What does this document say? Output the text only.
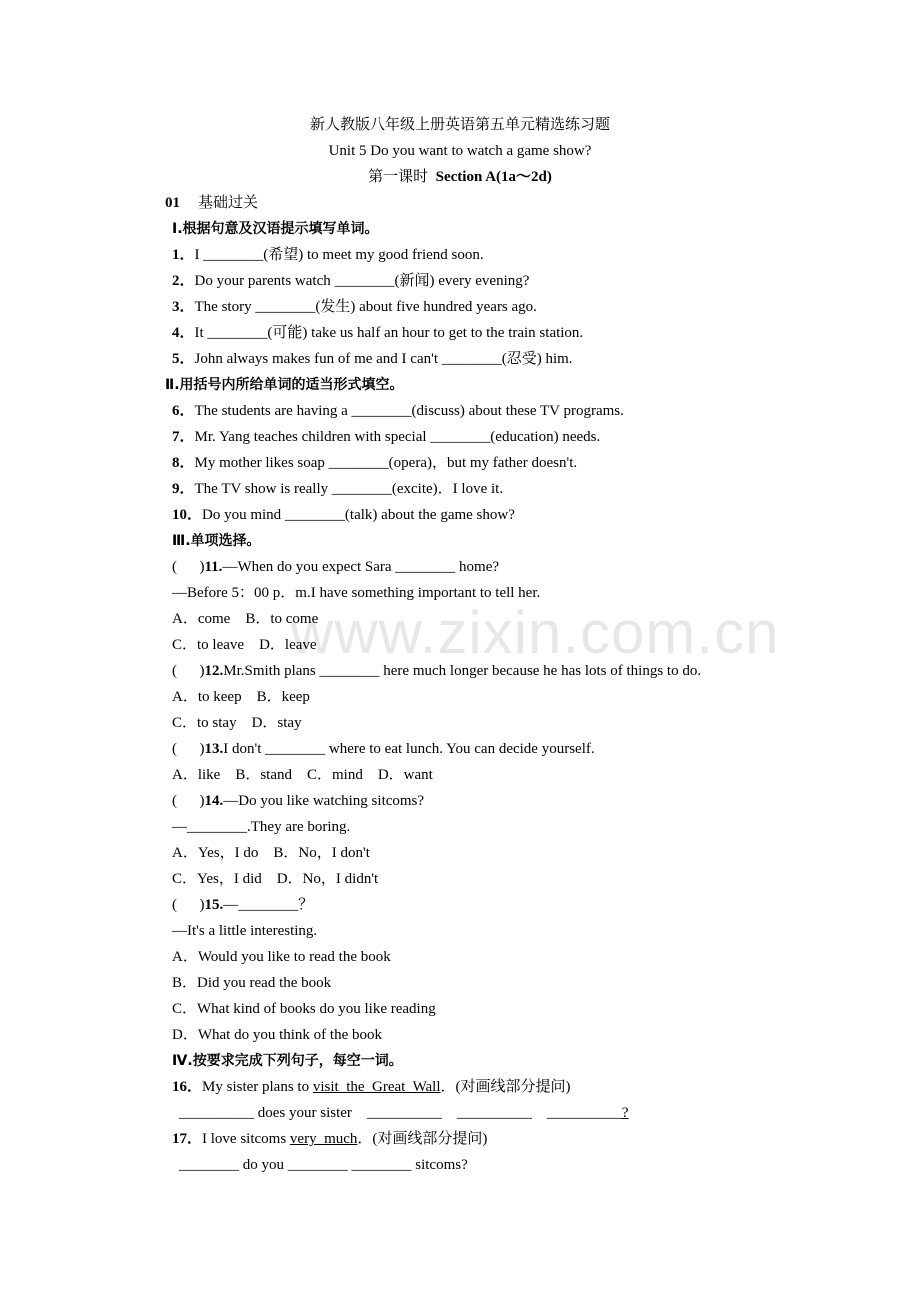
www.zixin.com.cn
新人教版八年级上册英语第五单元精选练习题
Unit 5 Do you want to watch a game show?
第一课时  Section A(1a～2d)
01 基础过关
Ⅰ.根据句意及汉语提示填写单词。
1．I ________(希望) to meet my good friend soon.
2．Do your parents watch ________(新闻) every evening?
3．The story ________(发生) about five hundred years ago.
4．It ________(可能) take us half an hour to get to the train station.
5．John always makes fun of me and I can't ________(忍受) him.
Ⅱ.用括号内所给单词的适当形式填空。
6．The students are having a ________(discuss) about these TV programs.
7．Mr. Yang teaches children with special ________(education) needs.
8．My mother likes soap ________(opera)，but my father doesn't.
9．The TV show is really ________(excite)．I love it.
10．Do you mind ________(talk) about the game show?
Ⅲ.单项选择。
(      )11.—When do you expect Sara ________ home?
—Before 5：00 p．m.I have something important to tell her.
A．come    B．to come
C．to leave    D．leave
(      )12.Mr.Smith plans ________ here much longer because he has lots of things to do.
A．to keep    B．keep
C．to stay    D．stay
(      )13.I don't ________ where to eat lunch. You can decide yourself.
A．like    B．stand    C．mind    D．want
(      )14.—Do you like watching sitcoms?
—________.They are boring.
A．Yes，I do    B．No，I don't
C．Yes，I did    D．No，I didn't
(      )15.—________？
—It's a little interesting.
A．Would you like to read the book
B．Did you read the book
C．What kind of books do you like reading
D．What do you think of the book
Ⅳ.按要求完成下列句子，每空一词。
16．My sister plans to visit  the  Great  Wall．(对画线部分提问)
__________ does your sister    __________    __________    __________?
17．I love sitcoms very  much．(对画线部分提问)
________ do you ________ ________ sitcoms?
